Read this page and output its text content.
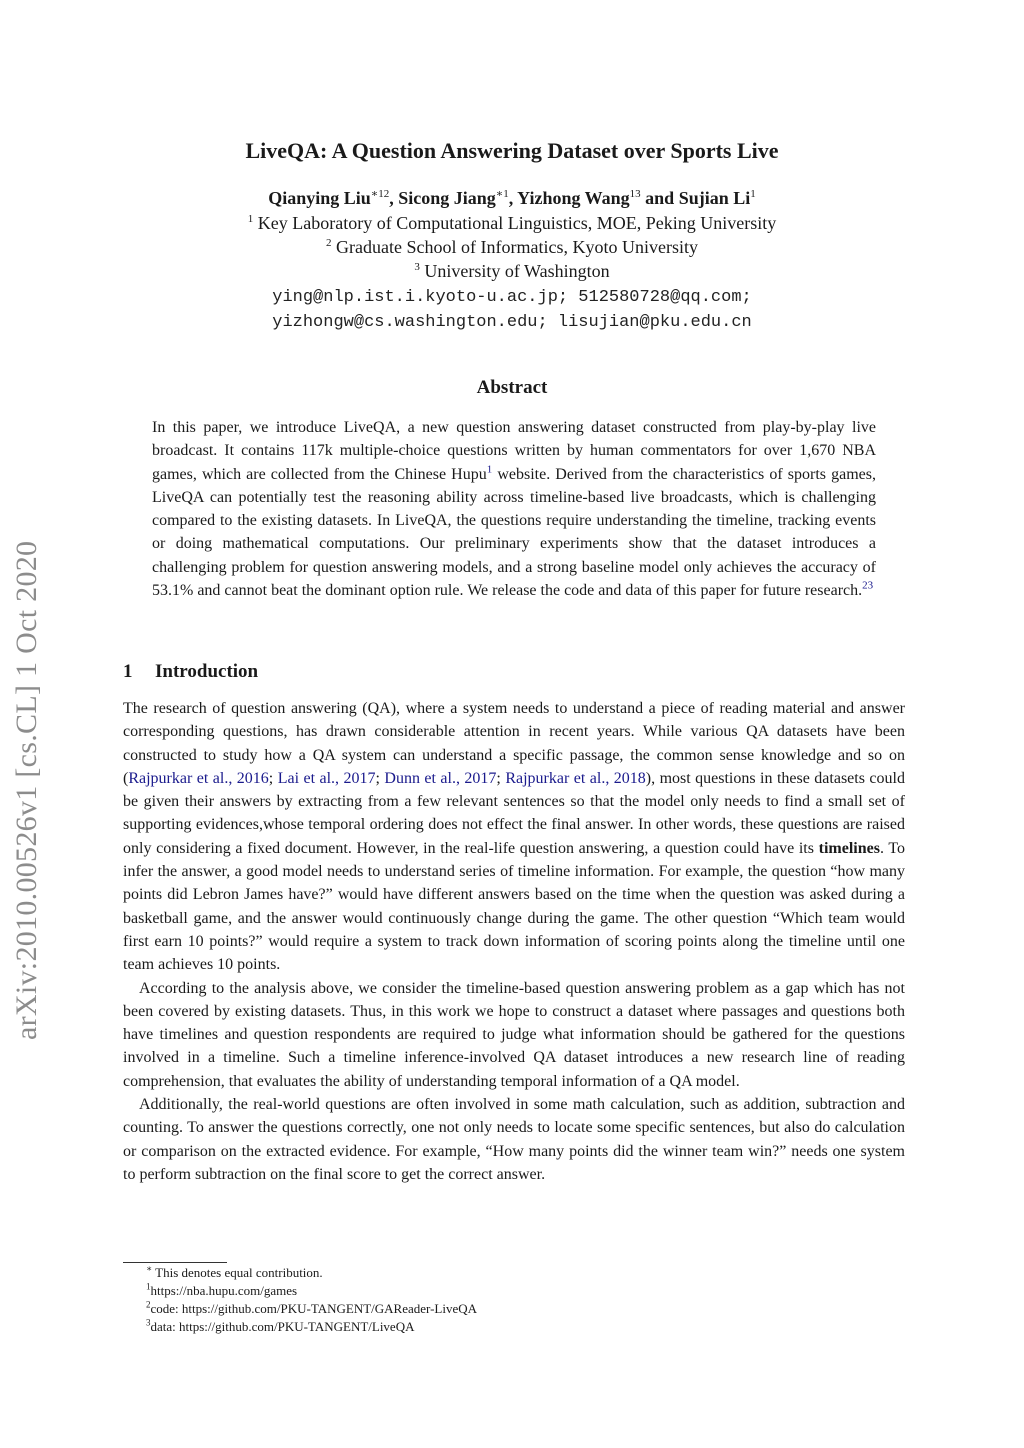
arXiv:2010.00526v1 [cs.CL] 1 Oct 2020
LiveQA: A Question Answering Dataset over Sports Live
Qianying Liu$^{∗12}$, Sicong Jiang$^{∗1}$, Yizhong Wang$^{13}$ and Sujian Li$^1$
$^1$ Key Laboratory of Computational Linguistics, MOE, Peking University
$^2$ Graduate School of Informatics, Kyoto University
$^3$ University of Washington
ying@nlp.ist.i.kyoto-u.ac.jp; 512580728@qq.com;
yizhongw@cs.washington.edu; lisujian@pku.edu.cn
Abstract
In this paper, we introduce LiveQA, a new question answering dataset constructed from play-by-play live broadcast. It contains 117k multiple-choice questions written by human commentators for over 1,670 NBA games, which are collected from the Chinese Hupu$^1$ website. Derived from the characteristics of sports games, LiveQA can potentially test the reasoning ability across timeline-based live broadcasts, which is challenging compared to the existing datasets. In LiveQA, the questions require understanding the timeline, tracking events or doing mathematical computations. Our preliminary experiments show that the dataset introduces a challenging problem for question answering models, and a strong baseline model only achieves the accuracy of 53.1% and cannot beat the dominant option rule. We release the code and data of this paper for future research.$^{23}$
1 Introduction

The research of question answering (QA), where a system needs to understand a piece of reading material and answer corresponding questions, has drawn considerable attention in recent years. While various QA datasets have been constructed to study how a QA system can understand a specific passage, the common sense knowledge and so on (Rajpurkar et al., 2016; Lai et al., 2017; Dunn et al., 2017; Rajpurkar et al., 2018), most questions in these datasets could be given their answers by extracting from a few relevant sentences so that the model only needs to find a small set of supporting evidences,whose temporal ordering does not effect the final answer. In other words, these questions are raised only considering a fixed document. However, in the real-life question answering, a question could have its timelines. To infer the answer, a good model needs to understand series of timeline information. For example, the question “how many points did Lebron James have?” would have different answers based on the time when the question was asked during a basketball game, and the answer would continuously change during the game. The other question “Which team would first earn 10 points?” would require a system to track down information of scoring points along the timeline until one team achieves 10 points.

According to the analysis above, we consider the timeline-based question answering problem as a gap which has not been covered by existing datasets. Thus, in this work we hope to construct a dataset where passages and questions both have timelines and question respondents are required to judge what information should be gathered for the questions involved in a timeline. Such a timeline inference-involved QA dataset introduces a new research line of reading comprehension, that evaluates the ability of understanding temporal information of a QA model.

Additionally, the real-world questions are often involved in some math calculation, such as addition, subtraction and counting. To answer the questions correctly, one not only needs to locate some specific sentences, but also do calculation or comparison on the extracted evidence. For example, “How many points did the winner team win?” needs one system to perform subtraction on the final score to get the correct answer.

∗ This denotes equal contribution.
$^1$https://nba.hupu.com/games
$^2$code: https://github.com/PKU-TANGENT/GAReader-LiveQA
$^3$data: https://github.com/PKU-TANGENT/LiveQA
